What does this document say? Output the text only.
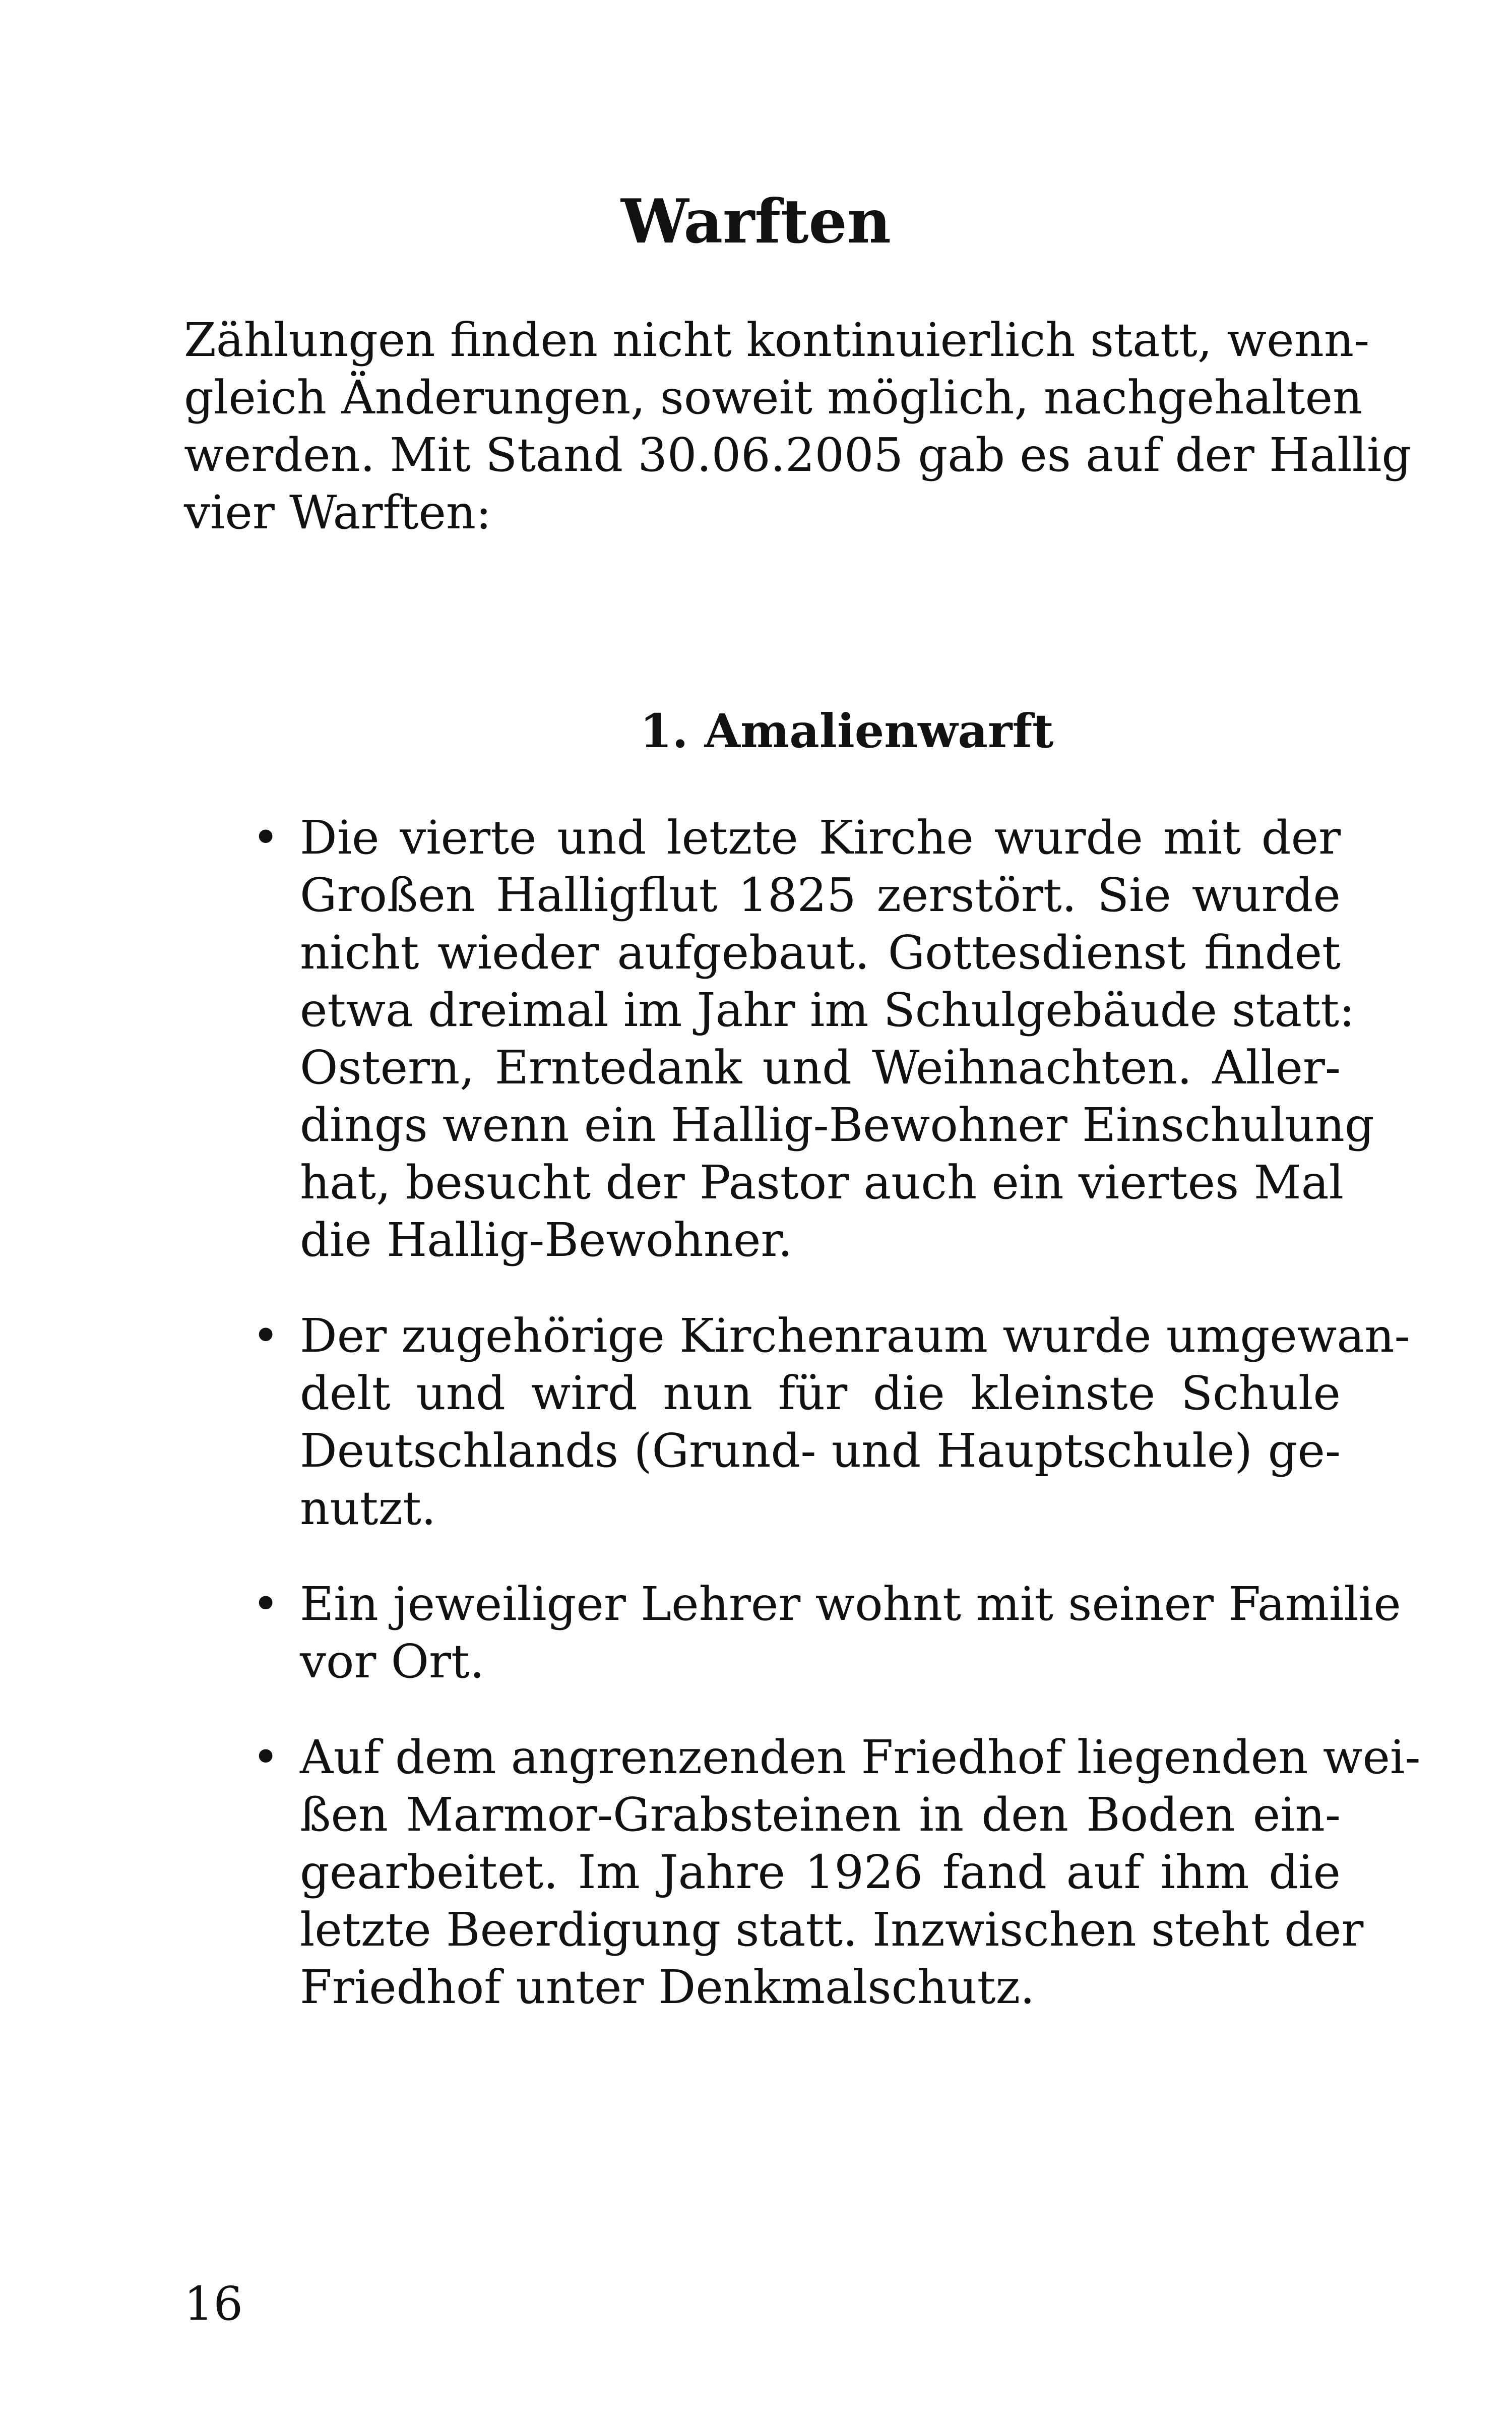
Warften

Zählungen finden nicht kontinuierlich statt, wenn-
gleich Änderungen, soweit möglich, nachgehalten
werden. Mit Stand 30.06.2005 gab es auf der Hallig
vier Warften:

1. Amalienwarft
• Die vierte und letzte Kirche wurde mit der
Großen Halligflut 1825 zerstört. Sie wurde
nicht wieder aufgebaut. Gottesdienst findet
etwa dreimal im Jahr im Schulgebäude statt:
Ostern, Erntedank und Weihnachten. Aller-
dings wenn ein Hallig-Bewohner Einschulung
hat, besucht der Pastor auch ein viertes Mal
die Hallig-Bewohner.
• Der zugehörige Kirchenraum wurde umgewan-
delt und wird nun für die kleinste Schule
Deutschlands (Grund- und Hauptschule) ge-
nutzt.
• Ein jeweiliger Lehrer wohnt mit seiner Familie
vor Ort.
• Auf dem angrenzenden Friedhof liegenden wei-
ßen Marmor-Grabsteinen in den Boden ein-
gearbeitet. Im Jahre 1926 fand auf ihm die
letzte Beerdigung statt. Inzwischen steht der
Friedhof unter Denkmalschutz.
16
